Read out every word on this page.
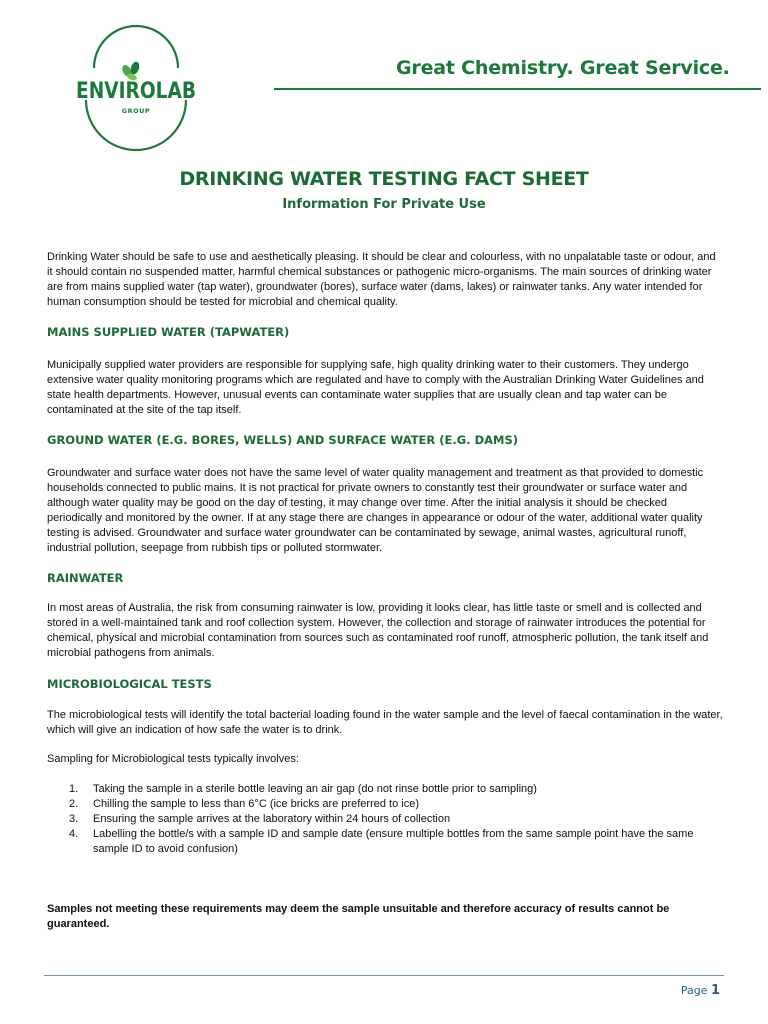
ENVIROLAB
GROUP
Great Chemistry. Great Service.
DRINKING WATER TESTING FACT SHEET
Information For Private Use

Drinking Water should be safe to use and aesthetically pleasing. It should be clear and colourless, with no unpalatable taste or odour, and it should contain no suspended matter, harmful chemical substances or pathogenic micro-organisms. The main sources of drinking water are from mains supplied water (tap water), groundwater (bores), surface water (dams, lakes) or rainwater tanks. Any water intended for human consumption should be tested for microbial and chemical quality.

MAINS SUPPLIED WATER (TAPWATER)

Municipally supplied water providers are responsible for supplying safe, high quality drinking water to their customers. They undergo extensive water quality monitoring programs which are regulated and have to comply with the Australian Drinking Water Guidelines and state health departments. However, unusual events can contaminate water supplies that are usually clean and tap water can be contaminated at the site of the tap itself.

GROUND WATER (E.G. BORES, WELLS) AND SURFACE WATER (E.G. DAMS)

Groundwater and surface water does not have the same level of water quality management and treatment as that provided to domestic households connected to public mains. It is not practical for private owners to constantly test their groundwater or surface water and although water quality may be good on the day of testing, it may change over time. After the initial analysis it should be checked periodically and monitored by the owner. If at any stage there are changes in appearance or odour of the water, additional water quality testing is advised. Groundwater and surface water groundwater can be contaminated by sewage, animal wastes, agricultural runoff, industrial pollution, seepage from rubbish tips or polluted stormwater.

RAINWATER

In most areas of Australia, the risk from consuming rainwater is low, providing it looks clear, has little taste or smell and is collected and stored in a well-maintained tank and roof collection system. However, the collection and storage of rainwater introduces the potential for chemical, physical and microbial contamination from sources such as contaminated roof runoff, atmospheric pollution, the tank itself and microbial pathogens from animals.

MICROBIOLOGICAL TESTS

The microbiological tests will identify the total bacterial loading found in the water sample and the level of faecal contamination in the water, which will give an indication of how safe the water is to drink.

Sampling for Microbiological tests typically involves:

1. Taking the sample in a sterile bottle leaving an air gap (do not rinse bottle prior to sampling)
2. Chilling the sample to less than 6°C (ice bricks are preferred to ice)
3. Ensuring the sample arrives at the laboratory within 24 hours of collection
4. Labelling the bottle/s with a sample ID and sample date (ensure multiple bottles from the same sample point have the same sample ID to avoid confusion)

Samples not meeting these requirements may deem the sample unsuitable and therefore accuracy of results cannot be guaranteed.

Page 1
